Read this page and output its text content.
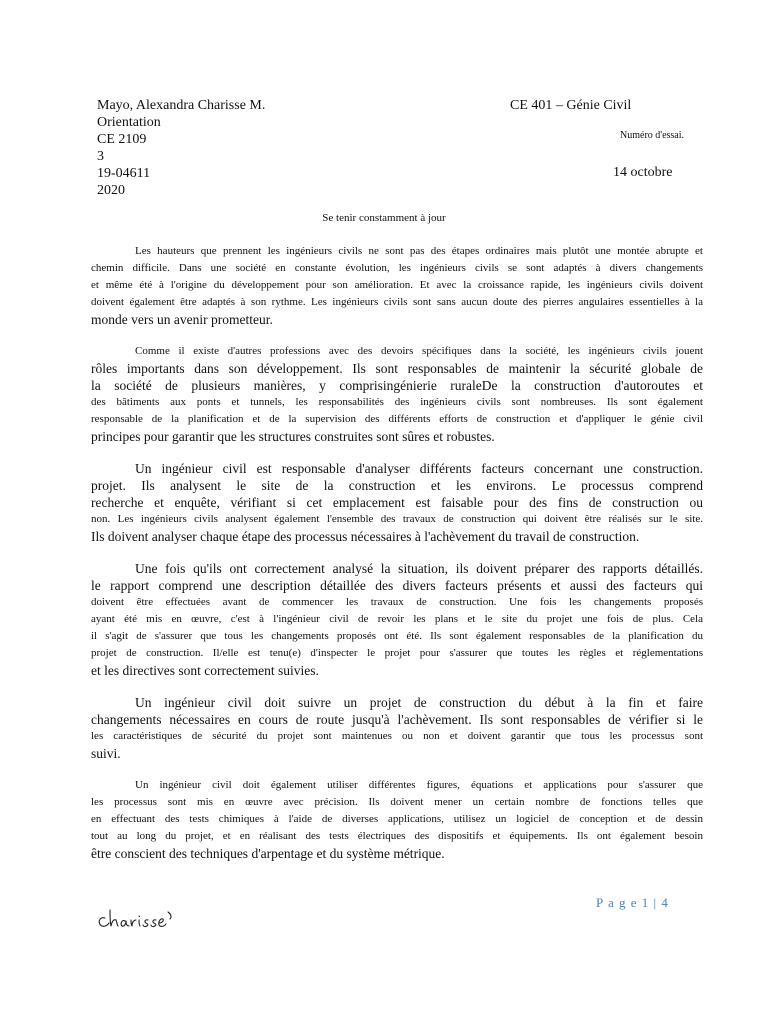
Mayo, Alexandra Charisse M.
Orientation
CE 2109
3
19-04611
2020
CE 401 – Génie Civil
Numéro d'essai.
14 octobre
Se tenir constamment à jour
Les hauteurs que prennent les ingénieurs civils ne sont pas des étapes ordinaires mais plutôt une montée abrupte et
chemin difficile. Dans une société en constante évolution, les ingénieurs civils se sont adaptés à divers changements
et même été à l'origine du développement pour son amélioration. Et avec la croissance rapide, les ingénieurs civils doivent
doivent également être adaptés à son rythme. Les ingénieurs civils sont sans aucun doute des pierres angulaires essentielles à la
monde vers un avenir prometteur.
Comme il existe d'autres professions avec des devoirs spécifiques dans la société, les ingénieurs civils jouent
rôles importants dans son développement. Ils sont responsables de maintenir la sécurité globale de
la société de plusieurs manières, y comprisingénierie ruraleDe la construction d'autoroutes et
des bâtiments aux ponts et tunnels, les responsabilités des ingénieurs civils sont nombreuses. Ils sont également
responsable de la planification et de la supervision des différents efforts de construction et d'appliquer le génie civil
principes pour garantir que les structures construites sont sûres et robustes.
Un ingénieur civil est responsable d'analyser différents facteurs concernant une construction.
projet. Ils analysent le site de la construction et les environs. Le processus comprend
recherche et enquête, vérifiant si cet emplacement est faisable pour des fins de construction ou
non. Les ingénieurs civils analysent également l'ensemble des travaux de construction qui doivent être réalisés sur le site.
Ils doivent analyser chaque étape des processus nécessaires à l'achèvement du travail de construction.
Une fois qu'ils ont correctement analysé la situation, ils doivent préparer des rapports détaillés.
le rapport comprend une description détaillée des divers facteurs présents et aussi des facteurs qui
doivent être effectuées avant de commencer les travaux de construction. Une fois les changements proposés
ayant été mis en œuvre, c'est à l'ingénieur civil de revoir les plans et le site du projet une fois de plus. Cela
il s'agit de s'assurer que tous les changements proposés ont été. Ils sont également responsables de la planification du
projet de construction. Il/elle est tenu(e) d'inspecter le projet pour s'assurer que toutes les règles et réglementations
et les directives sont correctement suivies.
Un ingénieur civil doit suivre un projet de construction du début à la fin et faire
changements nécessaires en cours de route jusqu'à l'achèvement. Ils sont responsables de vérifier si le
les caractéristiques de sécurité du projet sont maintenues ou non et doivent garantir que tous les processus sont
suivi.
Un ingénieur civil doit également utiliser différentes figures, équations et applications pour s'assurer que
les processus sont mis en œuvre avec précision. Ils doivent mener un certain nombre de fonctions telles que
en effectuant des tests chimiques à l'aide de diverses applications, utilisez un logiciel de conception et de dessin
tout au long du projet, et en réalisant des tests électriques des dispositifs et équipements. Ils ont également besoin
être conscient des techniques d'arpentage et du système métrique.
P a g e 1 | 4
